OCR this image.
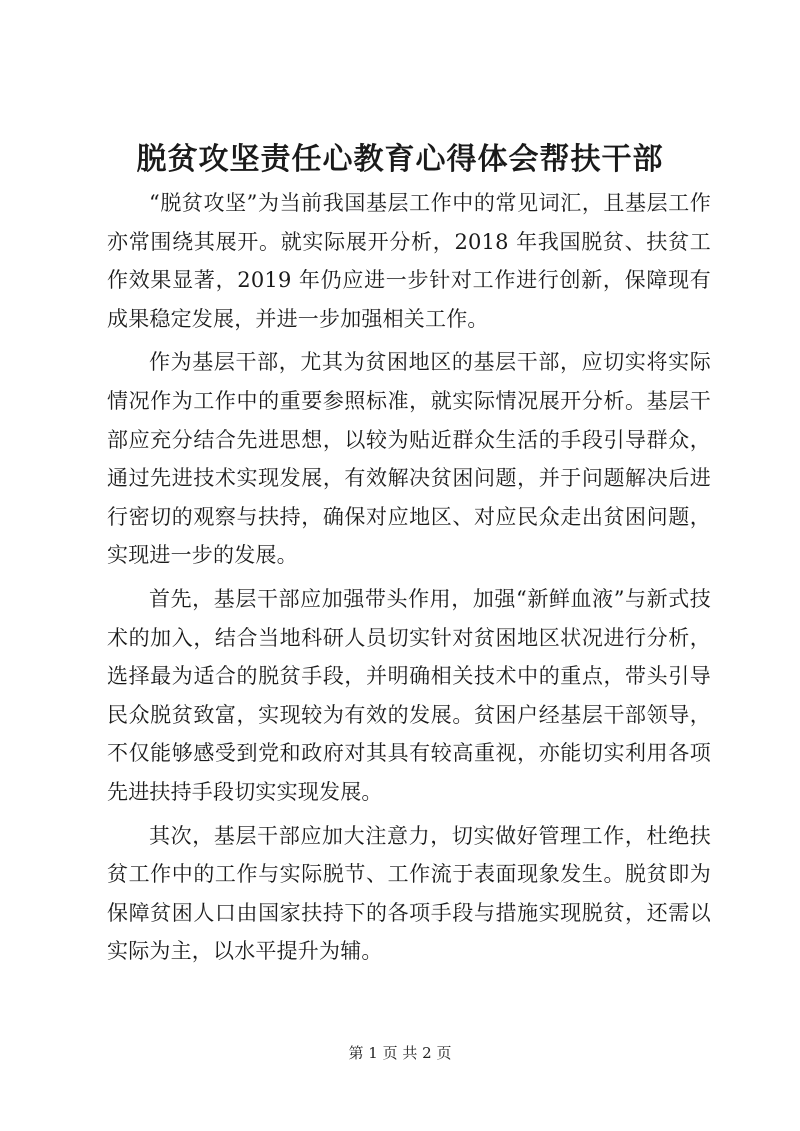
脱贫攻坚责任心教育心得体会帮扶干部

“脱贫攻坚”为当前我国基层工作中的常见词汇，且基层工作亦常围绕其展开。就实际展开分析，2018 年我国脱贫、扶贫工作效果显著，2019 年仍应进一步针对工作进行创新，保障现有成果稳定发展，并进一步加强相关工作。

作为基层干部，尤其为贫困地区的基层干部，应切实将实际情况作为工作中的重要参照标准，就实际情况展开分析。基层干部应充分结合先进思想，以较为贴近群众生活的手段引导群众，通过先进技术实现发展，有效解决贫困问题，并于问题解决后进行密切的观察与扶持，确保对应地区、对应民众走出贫困问题，实现进一步的发展。

首先，基层干部应加强带头作用，加强“新鲜血液”与新式技术的加入，结合当地科研人员切实针对贫困地区状况进行分析，选择最为适合的脱贫手段，并明确相关技术中的重点，带头引导民众脱贫致富，实现较为有效的发展。贫困户经基层干部领导，不仅能够感受到党和政府对其具有较高重视，亦能切实利用各项先进扶持手段切实实现发展。

其次，基层干部应加大注意力，切实做好管理工作，杜绝扶贫工作中的工作与实际脱节、工作流于表面现象发生。脱贫即为保障贫困人口由国家扶持下的各项手段与措施实现脱贫，还需以实际为主，以水平提升为辅。

第 1 页 共 2 页
